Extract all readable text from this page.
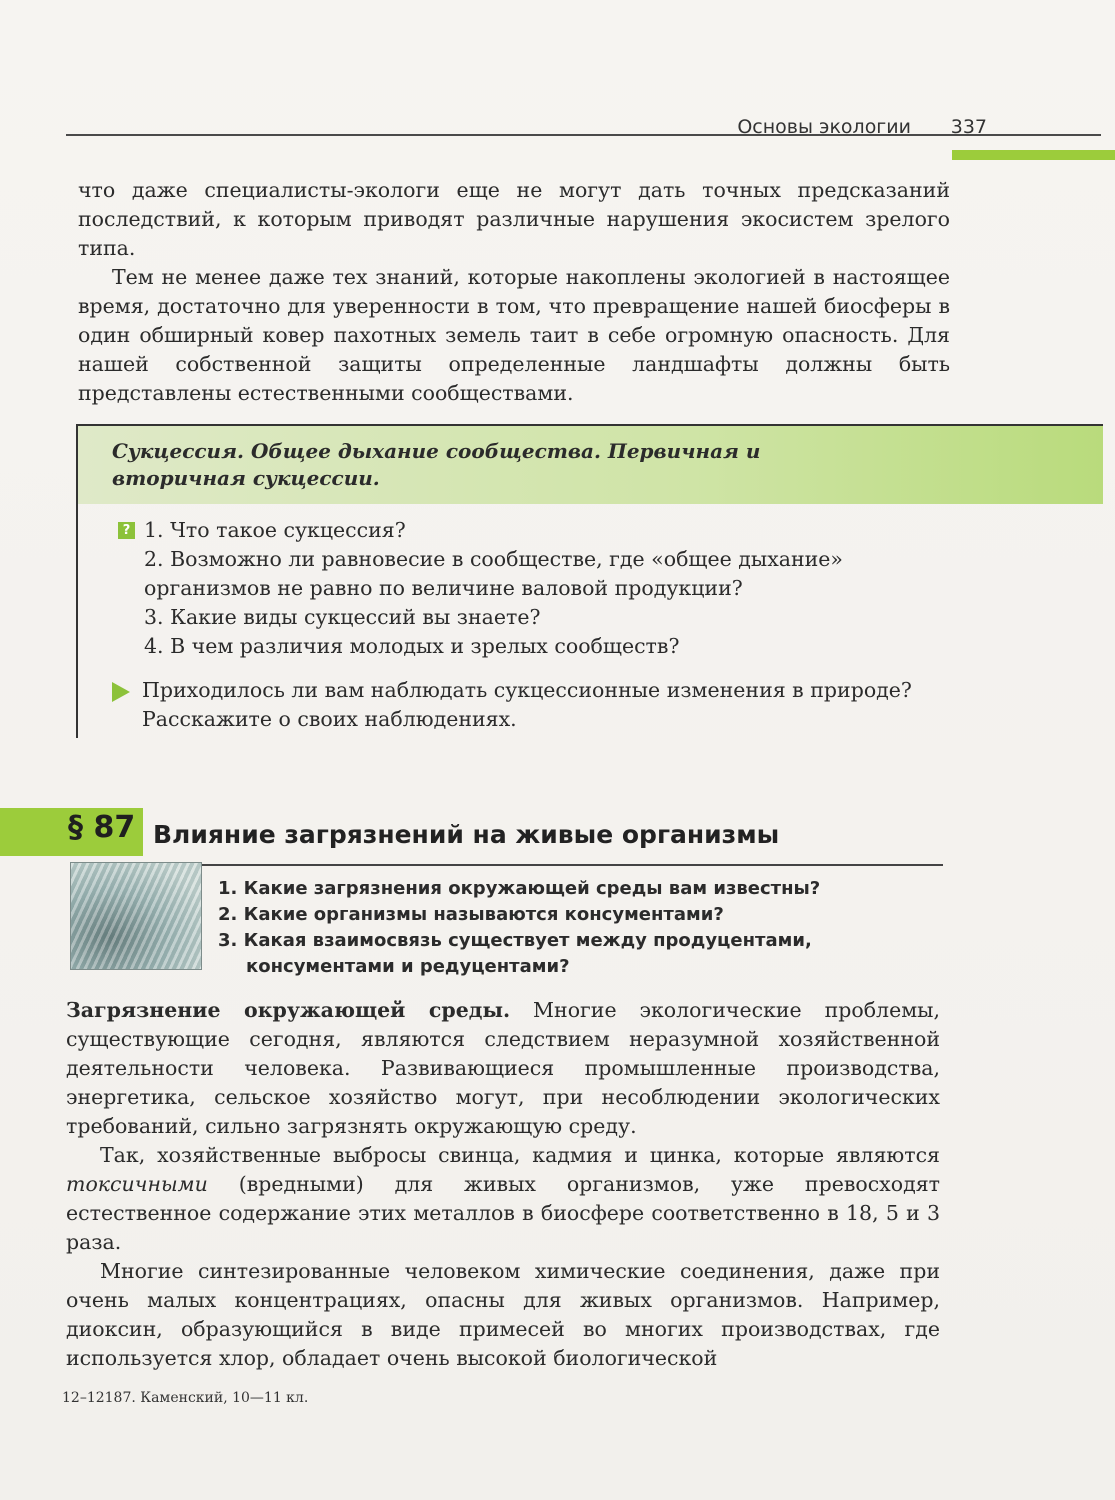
Основы экологии 337

что даже специалисты-экологи еще не могут дать точных предсказаний последствий, к которым приводят различные нарушения экосистем зрелого типа.

Тем не менее даже тех знаний, которые накоплены экологией в настоящее время, достаточно для уверенности в том, что превращение нашей биосферы в один обширный ковер пахотных земель таит в себе огромную опасность. Для нашей собственной защиты определенные ландшафты должны быть представлены естественными сообществами.

Сукцессия. Общее дыхание сообщества. Первичная и вторичная сукцессии.
? 1. Что такое сукцессия?
2. Возможно ли равновесие в сообществе, где «общее дыхание» организмов не равно по величине валовой продукции?
3. Какие виды сукцессий вы знаете?
4. В чем различия молодых и зрелых сообществ?
Приходилось ли вам наблюдать сукцессионные изменения в природе? Расскажите о своих наблюдениях.
§ 87 Влияние загрязнений на живые организмы
1. Какие загрязнения окружающей среды вам известны?
2. Какие организмы называются консументами?
3. Какая взаимосвязь существует между продуцентами, консументами и редуцентами?

Загрязнение окружающей среды. Многие экологические проблемы, существующие сегодня, являются следствием неразумной хозяйственной деятельности человека. Развивающиеся промышленные производства, энергетика, сельское хозяйство могут, при несоблюдении экологических требований, сильно загрязнять окружающую среду.

Так, хозяйственные выбросы свинца, кадмия и цинка, которые являются токсичными (вредными) для живых организмов, уже превосходят естественное содержание этих металлов в биосфере соответственно в 18, 5 и 3 раза.

Многие синтезированные человеком химические соединения, даже при очень малых концентрациях, опасны для живых организмов. Например, диоксин, образующийся в виде примесей во многих производствах, где используется хлор, обладает очень высокой биологической

12–12187. Каменский, 10—11 кл.
